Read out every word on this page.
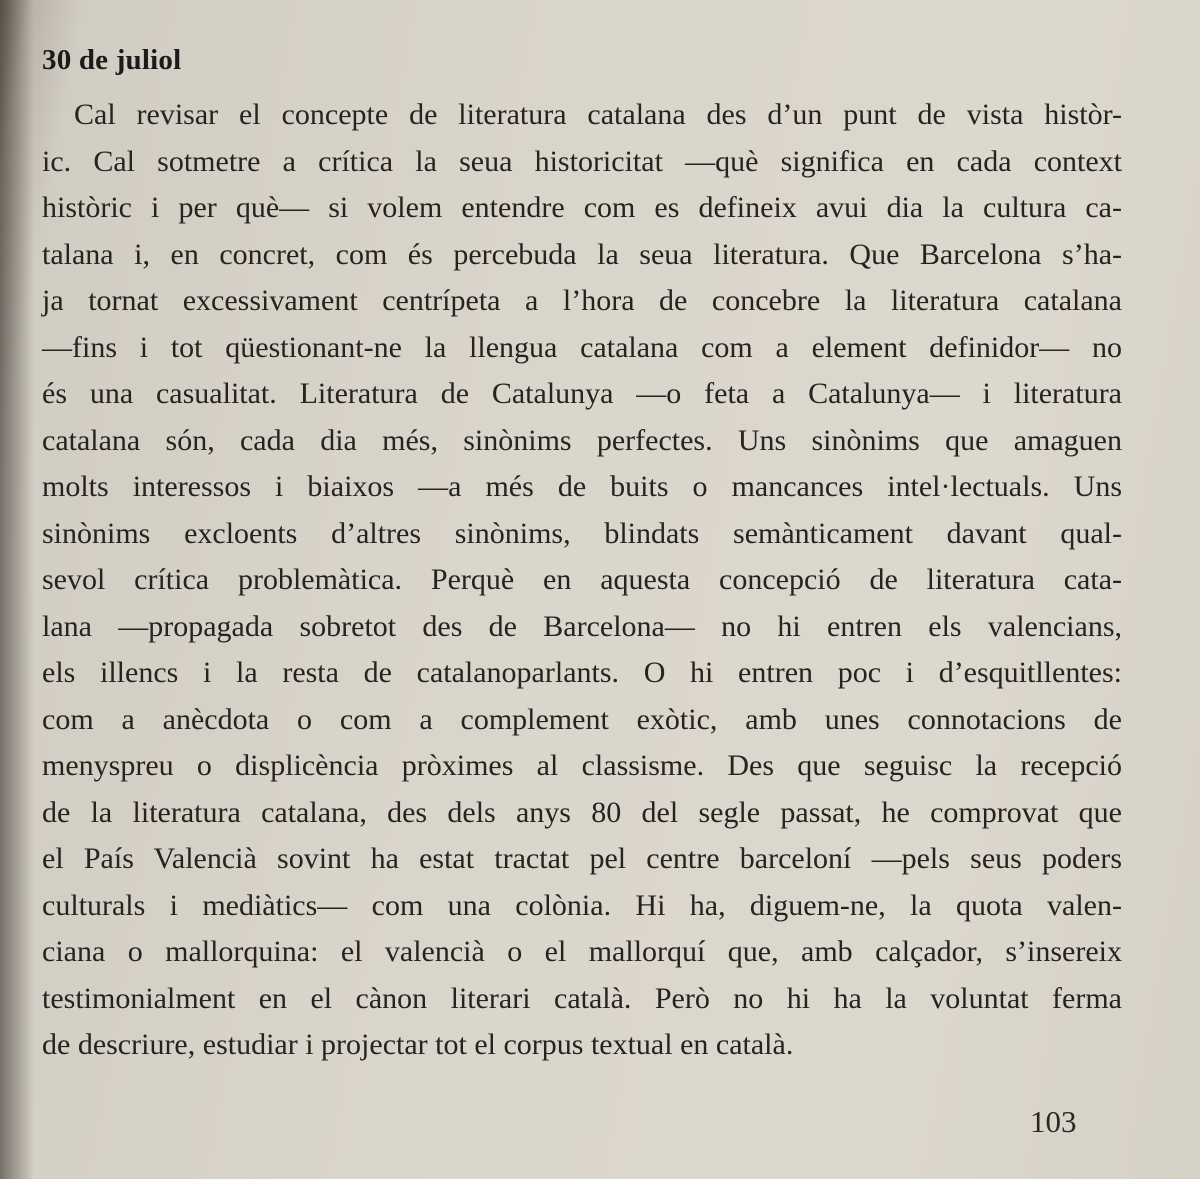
30 de juliol
Cal revisar el concepte de literatura catalana des d’un punt de vista històr-
ic. Cal sotmetre a crítica la seua historicitat —què significa en cada context
històric i per què— si volem entendre com es defineix avui dia la cultura ca-
talana i, en concret, com és percebuda la seua literatura. Que Barcelona s’ha-
ja tornat excessivament centrípeta a l’hora de concebre la literatura catalana
—fins i tot qüestionant-ne la llengua catalana com a element definidor— no
és una casualitat. Literatura de Catalunya —o feta a Catalunya— i literatura
catalana són, cada dia més, sinònims perfectes. Uns sinònims que amaguen
molts interessos i biaixos —a més de buits o mancances intel·lectuals. Uns
sinònims excloents d’altres sinònims, blindats semànticament davant qual-
sevol crítica problemàtica. Perquè en aquesta concepció de literatura cata-
lana —propagada sobretot des de Barcelona— no hi entren els valencians,
els illencs i la resta de catalanoparlants. O hi entren poc i d’esquitllentes:
com a anècdota o com a complement exòtic, amb unes connotacions de
menyspreu o displicència pròximes al classisme. Des que seguisc la recepció
de la literatura catalana, des dels anys 80 del segle passat, he comprovat que
el País Valencià sovint ha estat tractat pel centre barceloní —pels seus poders
culturals i mediàtics— com una colònia. Hi ha, diguem-ne, la quota valen-
ciana o mallorquina: el valencià o el mallorquí que, amb calçador, s’insereix
testimonialment en el cànon literari català. Però no hi ha la voluntat ferma
de descriure, estudiar i projectar tot el corpus textual en català.
103
